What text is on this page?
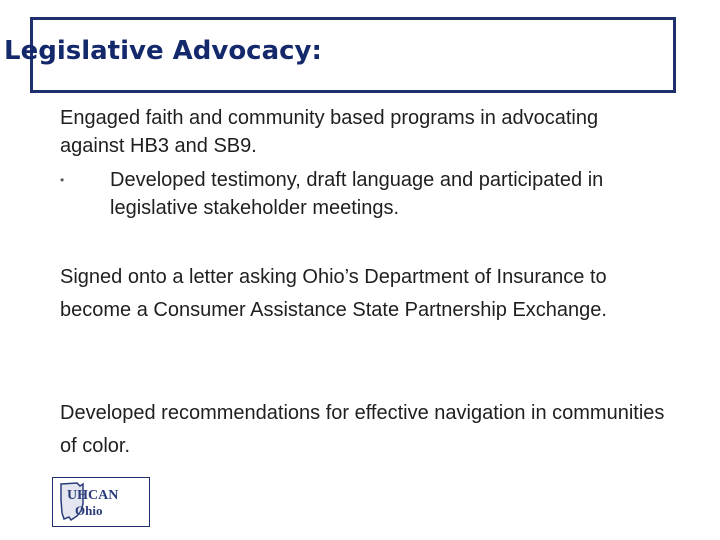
Legislative Advocacy:
Engaged faith and community based programs in advocating against HB3 and SB9.
• Developed testimony, draft language and participated in legislative stakeholder meetings.
Signed onto a letter asking Ohio’s Department of Insurance to become a Consumer Assistance State Partnership Exchange.
Developed recommendations for effective navigation in communities of color.
UHCAN
Ohio
